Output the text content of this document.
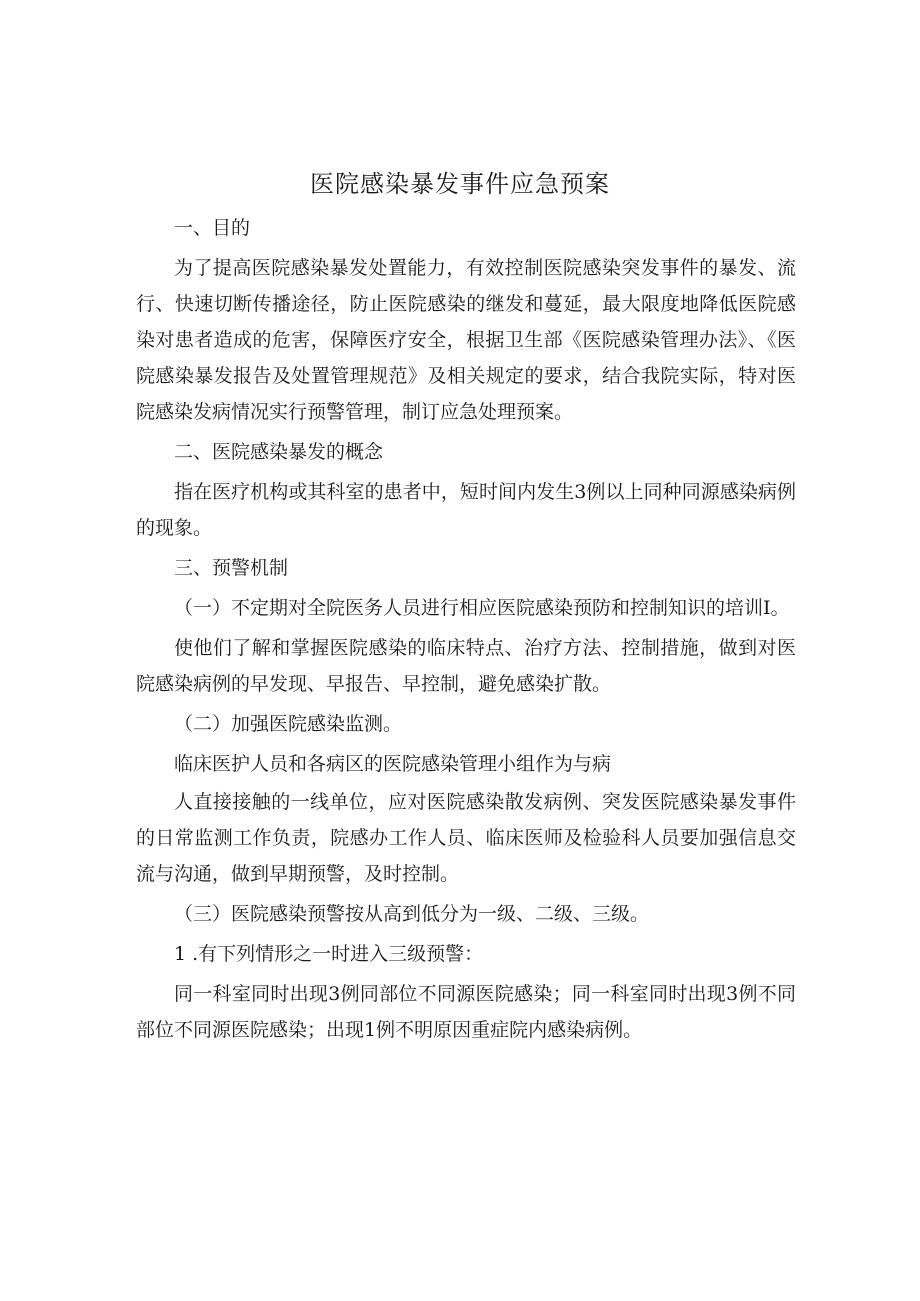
医院感染暴发事件应急预案

一、目的

为了提高医院感染暴发处置能力，有效控制医院感染突发事件的暴发、流行、快速切断传播途径，防止医院感染的继发和蔓延，最大限度地降低医院感染对患者造成的危害，保障医疗安全，根据卫生部《医院感染管理办法》、《医院感染暴发报告及处置管理规范》及相关规定的要求，结合我院实际，特对医院感染发病情况实行预警管理，制订应急处理预案。

二、医院感染暴发的概念

指在医疗机构或其科室的患者中，短时间内发生3例以上同种同源感染病例的现象。

三、预警机制

（一）不定期对全院医务人员进行相应医院感染预防和控制知识的培训I。

使他们了解和掌握医院感染的临床特点、治疗方法、控制措施，做到对医院感染病例的早发现、早报告、早控制，避免感染扩散。

（二）加强医院感染监测。

临床医护人员和各病区的医院感染管理小组作为与病

人直接接触的一线单位，应对医院感染散发病例、突发医院感染暴发事件的日常监测工作负责，院感办工作人员、临床医师及检验科人员要加强信息交流与沟通，做到早期预警，及时控制。

（三）医院感染预警按从高到低分为一级、二级、三级。

1 .有下列情形之一时进入三级预警：

同一科室同时出现3例同部位不同源医院感染；同一科室同时出现3例不同部位不同源医院感染；出现1例不明原因重症院内感染病例。
